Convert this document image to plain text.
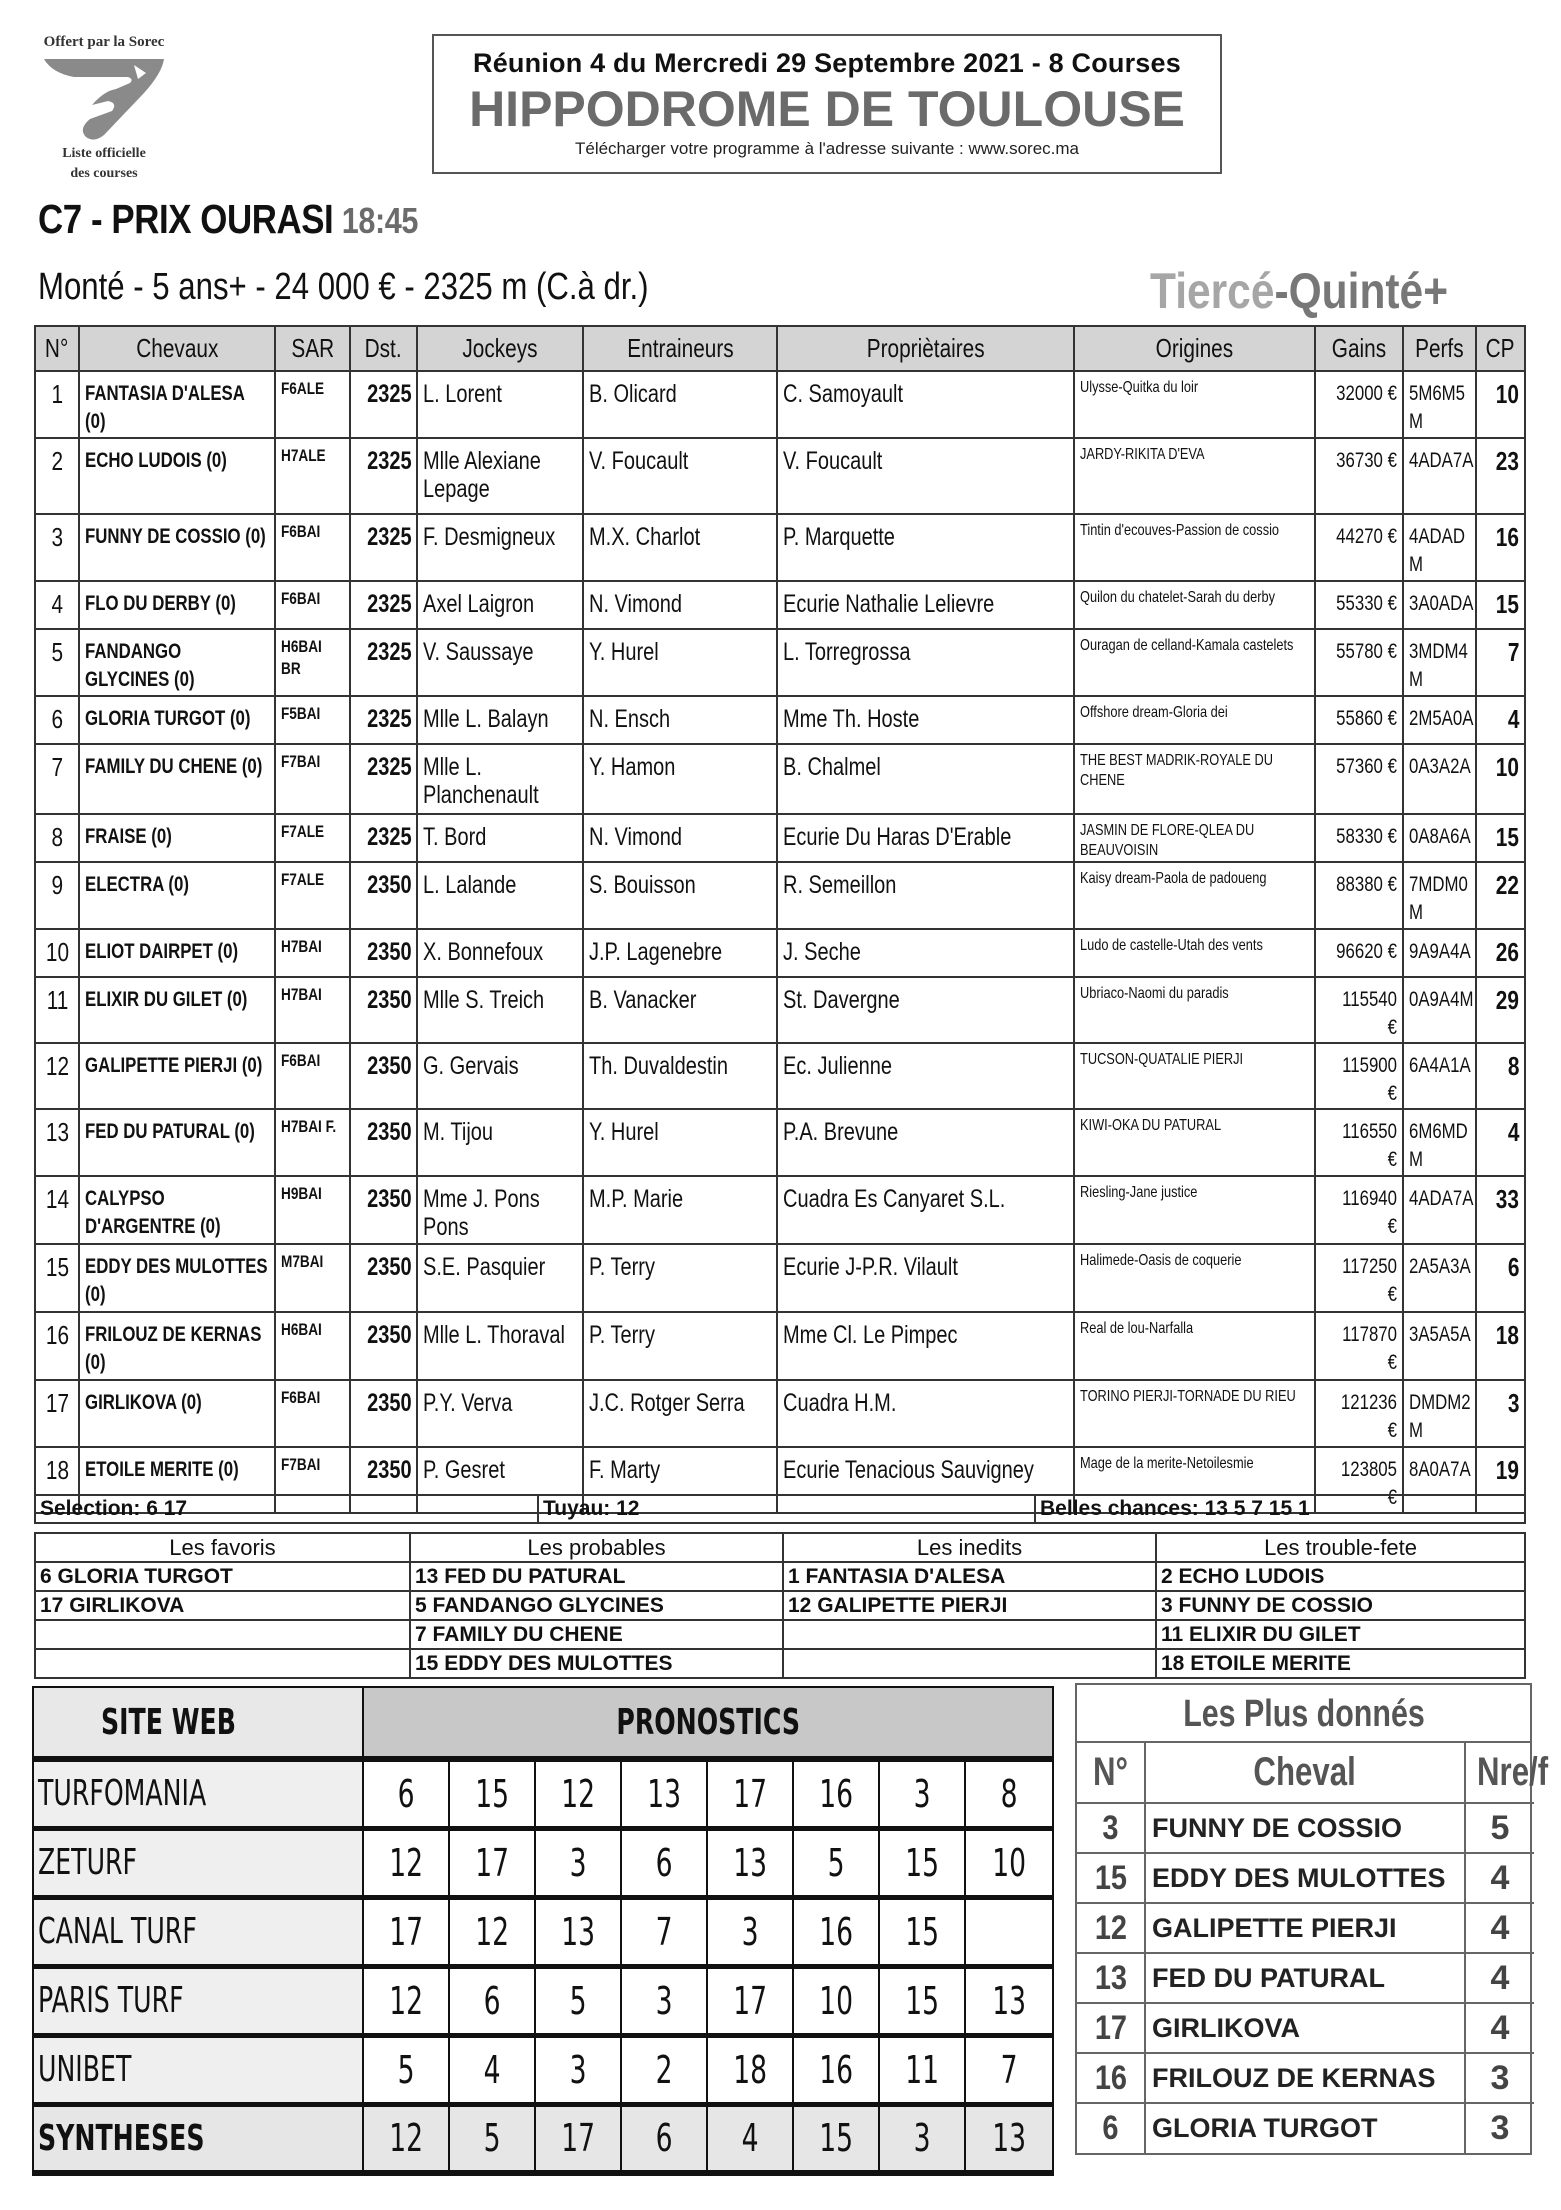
Offert par la Sorec
Liste officielle
des courses
Réunion 4 du Mercredi 29 Septembre 2021 - 8 Courses
HIPPODROME DE TOULOUSE
Télécharger votre programme à l'adresse suivante : www.sorec.ma
C7 - PRIX OURASI 18:45
Monté - 5 ans+ - 24 000 € - 2325 m (C.à dr.)	Tiercé-Quinté+
N°	Chevaux	SAR	Dst.	Jockeys	Entraineurs	Propriètaires	Origines	Gains	Perfs	CP
1	FANTASIA D'ALESA (0)	F6ALE	2325	L. Lorent	B. Olicard	C. Samoyault	Ulysse-Quitka du loir	32000 €	5M6M5 M	10
2	ECHO LUDOIS (0)	H7ALE	2325	Mlle Alexiane Lepage	V. Foucault	V. Foucault	JARDY-RIKITA D'EVA	36730 €	4ADA7A	23
3	FUNNY DE COSSIO (0)	F6BAI	2325	F. Desmigneux	M.X. Charlot	P. Marquette	Tintin d'ecouves-Passion de cossio	44270 €	4ADAD M	16
4	FLO DU DERBY (0)	F6BAI	2325	Axel Laigron	N. Vimond	Ecurie Nathalie Lelievre	Quilon du chatelet-Sarah du derby	55330 €	3A0ADA	15
5	FANDANGO GLYCINES (0)	H6BAI BR	2325	V. Saussaye	Y. Hurel	L. Torregrossa	Ouragan de celland-Kamala castelets	55780 €	3MDM4 M	7
6	GLORIA TURGOT (0)	F5BAI	2325	Mlle L. Balayn	N. Ensch	Mme Th. Hoste	Offshore dream-Gloria dei	55860 €	2M5A0A	4
7	FAMILY DU CHENE (0)	F7BAI	2325	Mlle L. Planchenault	Y. Hamon	B. Chalmel	THE BEST MADRIK-ROYALE DU CHENE	57360 €	0A3A2A	10
8	FRAISE (0)	F7ALE	2325	T. Bord	N. Vimond	Ecurie Du Haras D'Erable	JASMIN DE FLORE-QLEA DU BEAUVOISIN	58330 €	0A8A6A	15
9	ELECTRA (0)	F7ALE	2350	L. Lalande	S. Bouisson	R. Semeillon	Kaisy dream-Paola de padoueng	88380 €	7MDM0 M	22
10	ELIOT DAIRPET (0)	H7BAI	2350	X. Bonnefoux	J.P. Lagenebre	J. Seche	Ludo de castelle-Utah des vents	96620 €	9A9A4A	26
11	ELIXIR DU GILET (0)	H7BAI	2350	Mlle S. Treich	B. Vanacker	St. Davergne	Ubriaco-Naomi du paradis	115540 €	0A9A4M	29
12	GALIPETTE PIERJI (0)	F6BAI	2350	G. Gervais	Th. Duvaldestin	Ec. Julienne	TUCSON-QUATALIE PIERJI	115900 €	6A4A1A	8
13	FED DU PATURAL (0)	H7BAI F.	2350	M. Tijou	Y. Hurel	P.A. Brevune	KIWI-OKA DU PATURAL	116550 €	6M6MD M	4
14	CALYPSO D'ARGENTRE (0)	H9BAI	2350	Mme J. Pons Pons	M.P. Marie	Cuadra Es Canyaret S.L.	Riesling-Jane justice	116940 €	4ADA7A	33
15	EDDY DES MULOTTES (0)	M7BAI	2350	S.E. Pasquier	P. Terry	Ecurie J-P.R. Vilault	Halimede-Oasis de coquerie	117250 €	2A5A3A	6
16	FRILOUZ DE KERNAS (0)	H6BAI	2350	Mlle L. Thoraval	P. Terry	Mme Cl. Le Pimpec	Real de lou-Narfalla	117870 €	3A5A5A	18
17	GIRLIKOVA (0)	F6BAI	2350	P.Y. Verva	J.C. Rotger Serra	Cuadra H.M.	TORINO PIERJI-TORNADE DU RIEU	121236 €	DMDM2 M	3
18	ETOILE MERITE (0)	F7BAI	2350	P. Gesret	F. Marty	Ecurie Tenacious Sauvigney	Mage de la merite-Netoilesmie	123805 €	8A0A7A	19
Selection: 6 17	Tuyau: 12	Belles chances: 13 5 7 15 1
Les favoris	Les probables	Les inedits	Les trouble-fete
6 GLORIA TURGOT	13 FED DU PATURAL	1 FANTASIA D'ALESA	2 ECHO LUDOIS
17 GIRLIKOVA	5 FANDANGO GLYCINES	12 GALIPETTE PIERJI	3 FUNNY DE COSSIO
	7 FAMILY DU CHENE		11 ELIXIR DU GILET
	15 EDDY DES MULOTTES		18 ETOILE MERITE
SITE WEB	PRONOSTICS							
TURFOMANIA	6	15	12	13	17	16	3	8
ZETURF	12	17	3	6	13	5	15	10
CANAL TURF	17	12	13	7	3	16	15	
PARIS TURF	12	6	5	3	17	10	15	13
UNIBET	5	4	3	2	18	16	11	7
SYNTHESES	12	5	17	6	4	15	3	13
Les Plus donnés
N°	Cheval	Nre/f
3	FUNNY DE COSSIO	5
15	EDDY DES MULOTTES	4
12	GALIPETTE PIERJI	4
13	FED DU PATURAL	4
17	GIRLIKOVA	4
16	FRILOUZ DE KERNAS	3
6	GLORIA TURGOT	3
